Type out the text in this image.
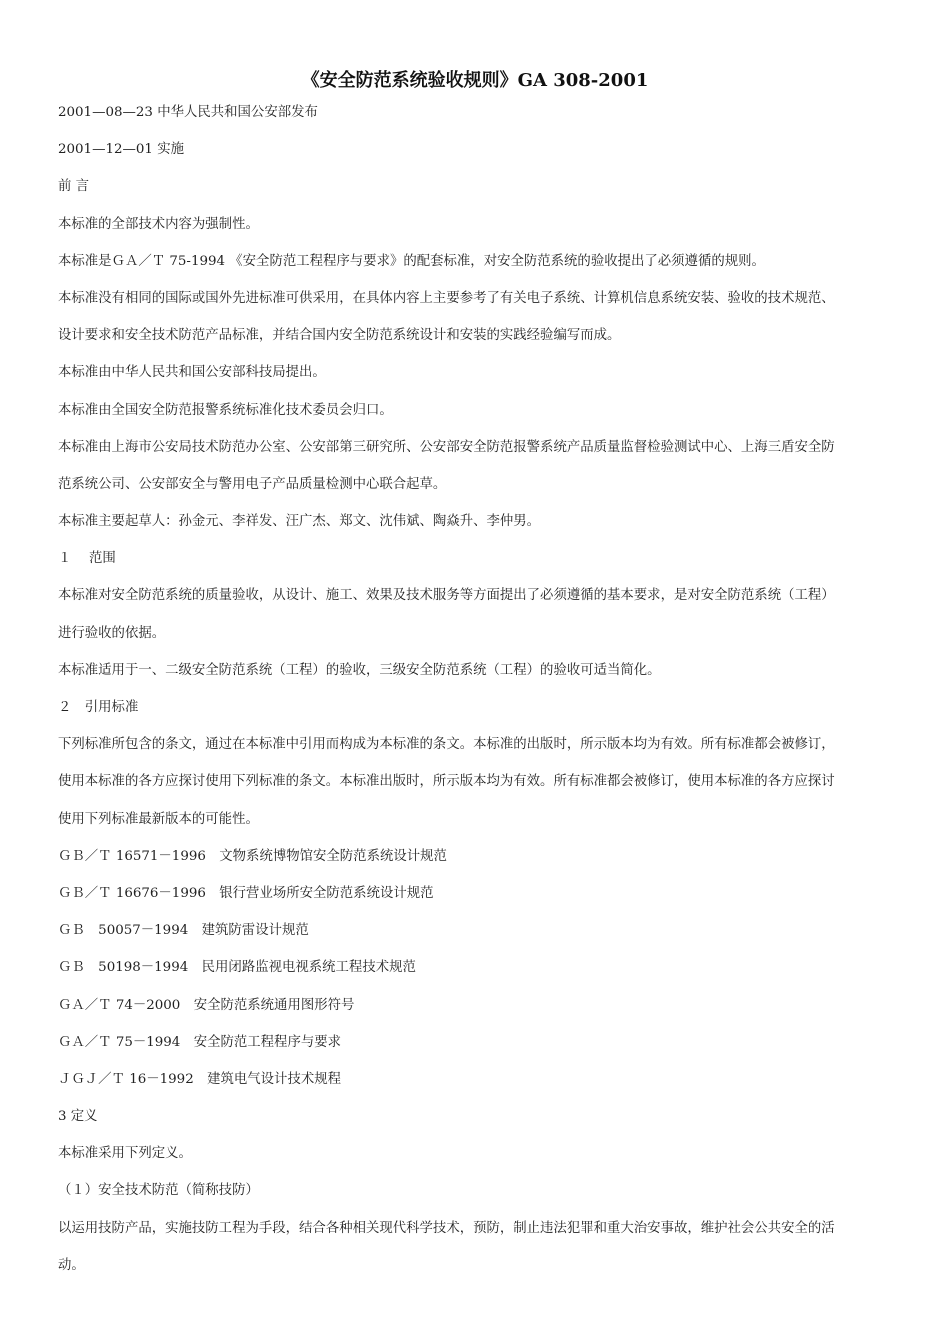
《安全防范系统验收规则》GA 308-2001
2001—08—23 中华人民共和国公安部发布
2001—12—01 实施
前 言
本标准的全部技术内容为强制性。
本标准是ＧＡ／Ｔ 75-1994 《安全防范工程程序与要求》的配套标准，对安全防范系统的验收提出了必须遵循的规则。
本标准没有相同的国际或国外先进标准可供采用，在具体内容上主要参考了有关电子系统、计算机信息系统安装、验收的技术规范、
设计要求和安全技术防范产品标准，并结合国内安全防范系统设计和安装的实践经验编写而成。
本标准由中华人民共和国公安部科技局提出。
本标准由全国安全防范报警系统标准化技术委员会归口。
本标准由上海市公安局技术防范办公室、公安部第三研究所、公安部安全防范报警系统产品质量监督检验测试中心、上海三盾安全防
范系统公司、公安部安全与警用电子产品质量检测中心联合起草。
本标准主要起草人：孙金元、李祥发、汪广杰、郑文、沈伟斌、陶焱升、李仲男。
１　 范围
本标准对安全防范系统的质量验收，从设计、施工、效果及技术服务等方面提出了必须遵循的基本要求，是对安全防范系统（工程）
进行验收的依据。
本标准适用于一、二级安全防范系统（工程）的验收，三级安全防范系统（工程）的验收可适当简化。
２　引用标准
下列标准所包含的条文，通过在本标准中引用而构成为本标准的条文。本标准的出版时，所示版本均为有效。所有标准都会被修订，
使用本标准的各方应探讨使用下列标准的条文。本标准出版时，所示版本均为有效。所有标准都会被修订，使用本标准的各方应探讨
使用下列标准最新版本的可能性。
ＧＢ／Ｔ 16571－1996　文物系统博物馆安全防范系统设计规范
ＧＢ／Ｔ 16676－1996　银行营业场所安全防范系统设计规范
ＧＢ　50057－1994　建筑防雷设计规范
ＧＢ　50198－1994　民用闭路监视电视系统工程技术规范
ＧＡ／Ｔ 74－2000　安全防范系统通用图形符号
ＧＡ／Ｔ 75－1994　安全防范工程程序与要求
ＪＧＪ／Ｔ 16－1992　建筑电气设计技术规程
3 定义
本标准采用下列定义。
（１）安全技术防范（简称技防）
以运用技防产品，实施技防工程为手段，结合各种相关现代科学技术，预防，制止违法犯罪和重大治安事故，维护社会公共安全的活
动。
